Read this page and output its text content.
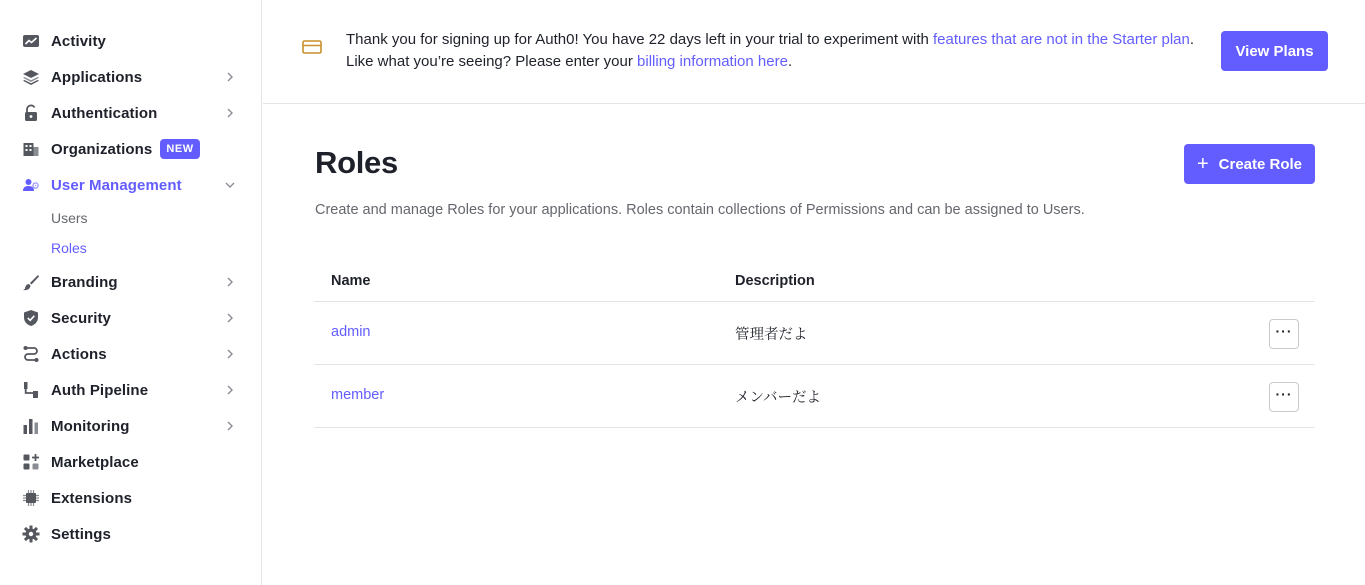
Activity
Applications
Authentication
Organizations	NEW
User Management
Users
Roles
Branding
Security
Actions
Auth Pipeline
Monitoring
Marketplace
Extensions
Settings

Thank you for signing up for Auth0! You have 22 days left in your trial to experiment with features that are not in the Starter plan. Like what you’re seeing? Please enter your billing information here.

View Plans
Roles	+ Create Role

Create and manage Roles for your applications. Roles contain collections of Permissions and can be assigned to Users.

Name	Description
admin	管理者だよ	···
member	メンバーだよ	···
